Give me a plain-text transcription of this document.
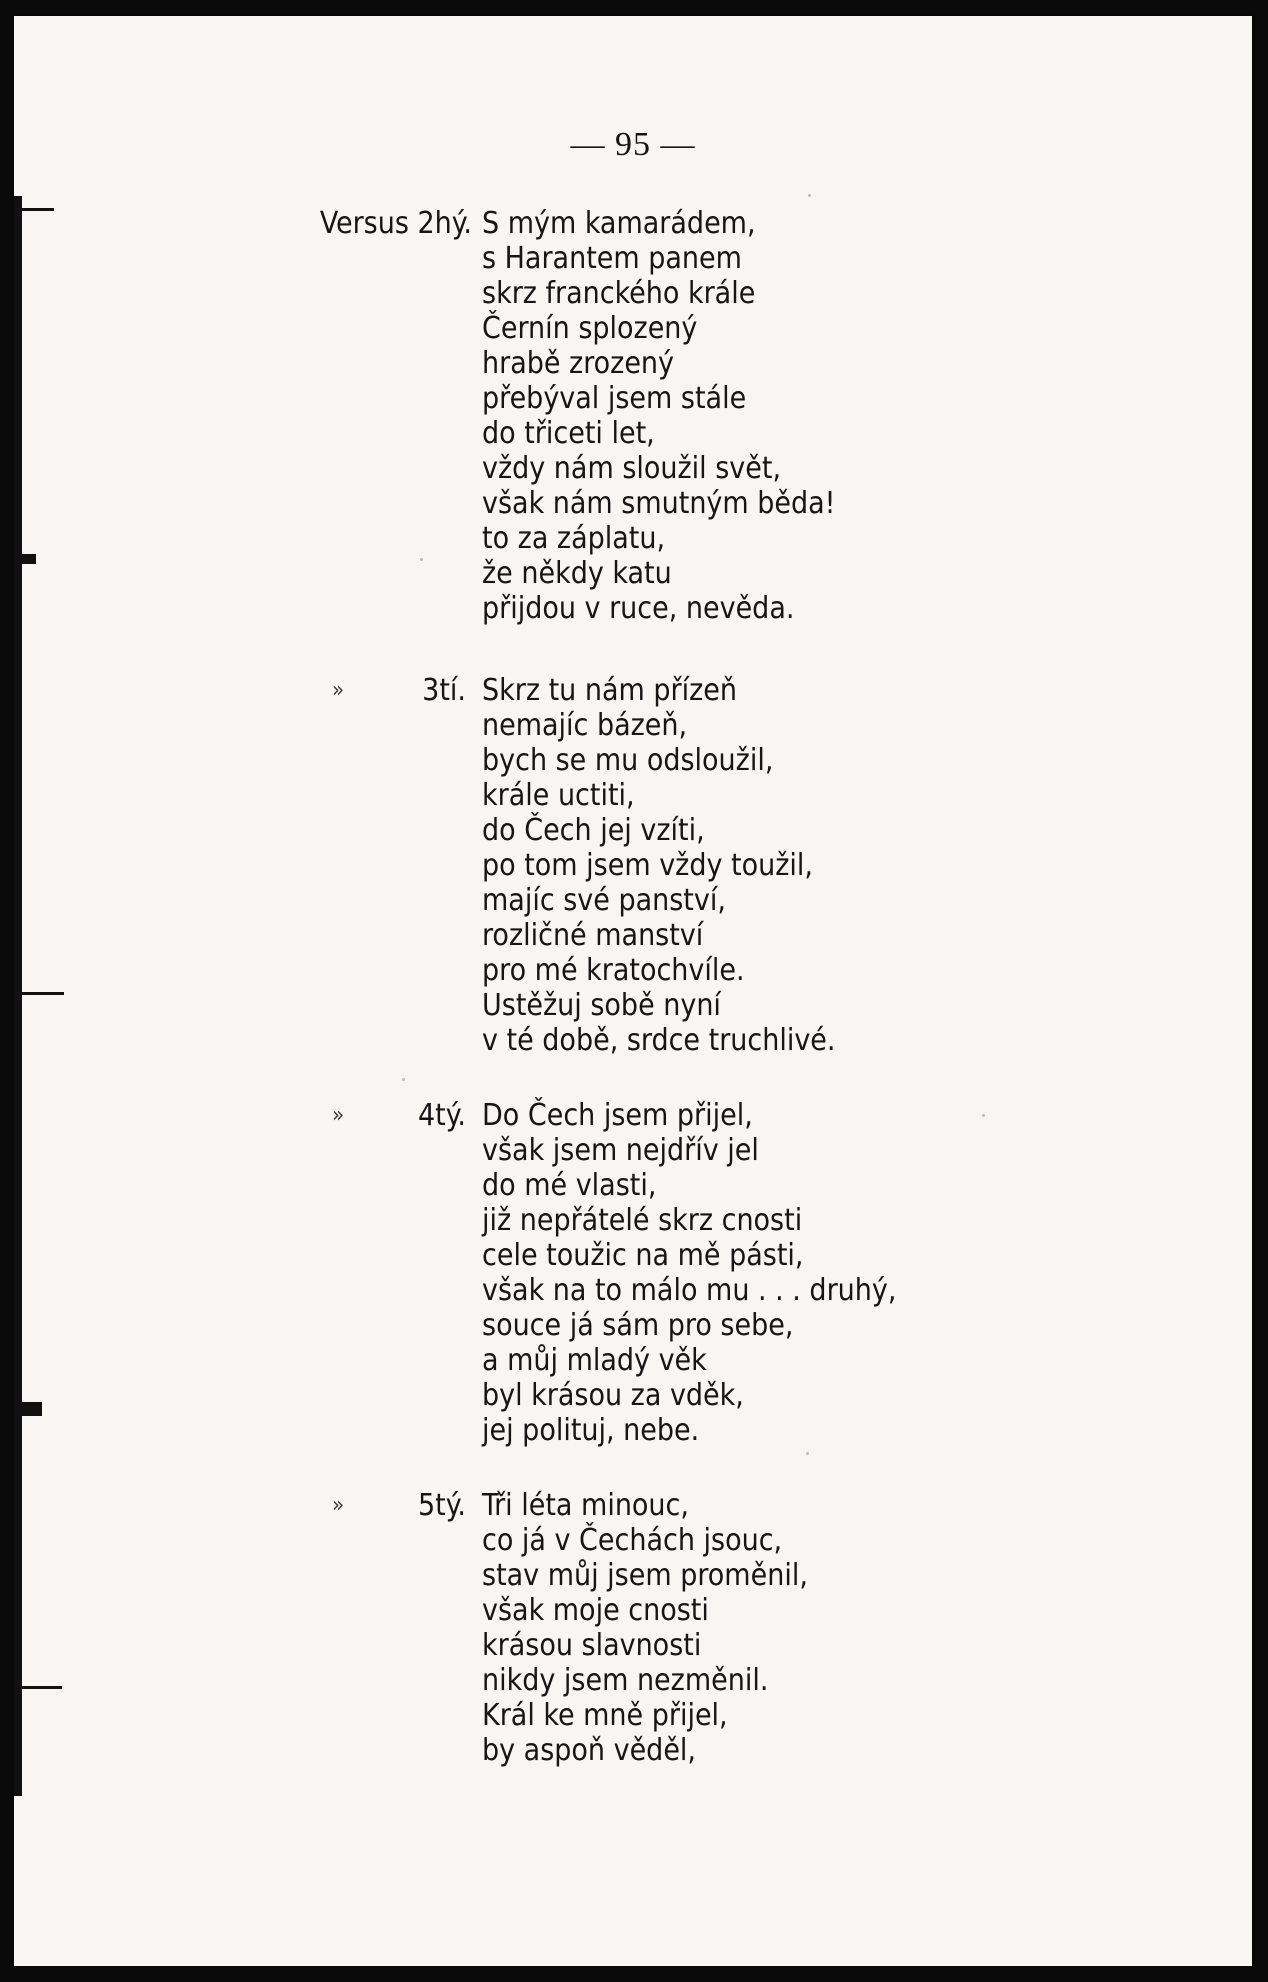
— 95 —
Versus 2hý. S mým kamarádem,
s Harantem panem
skrz franckého krále
Černín splozený
hrabě zrozený
přebýval jsem stále
do třiceti let,
vždy nám sloužil svět,
však nám smutným běda!
to za záplatu,
že někdy katu
přijdou v ruce, nevěda.
»	3tí. Skrz tu nám přízeň
nemajíc bázeň,
bych se mu odsloužil,
krále uctiti,
do Čech jej vzíti,
po tom jsem vždy toužil,
majíc své panství,
rozličné manství
pro mé kratochvíle.
Ustěžuj sobě nyní
v té době, srdce truchlivé.
» 4tý. Do Čech jsem přijel,
však jsem nejdřív jel
do mé vlasti,
již nepřátelé skrz cnosti
cele toužic na mě pásti,
však na to málo mu . . . druhý,
souce já sám pro sebe,
a můj mladý věk
byl krásou za vděk,
jej polituj, nebe.
» 5tý. Tři léta minouc,
co já v Čechách jsouc,
stav můj jsem proměnil,
však moje cnosti
krásou slavnosti
nikdy jsem nezměnil.
Král ke mně přijel,
by aspoň věděl,
